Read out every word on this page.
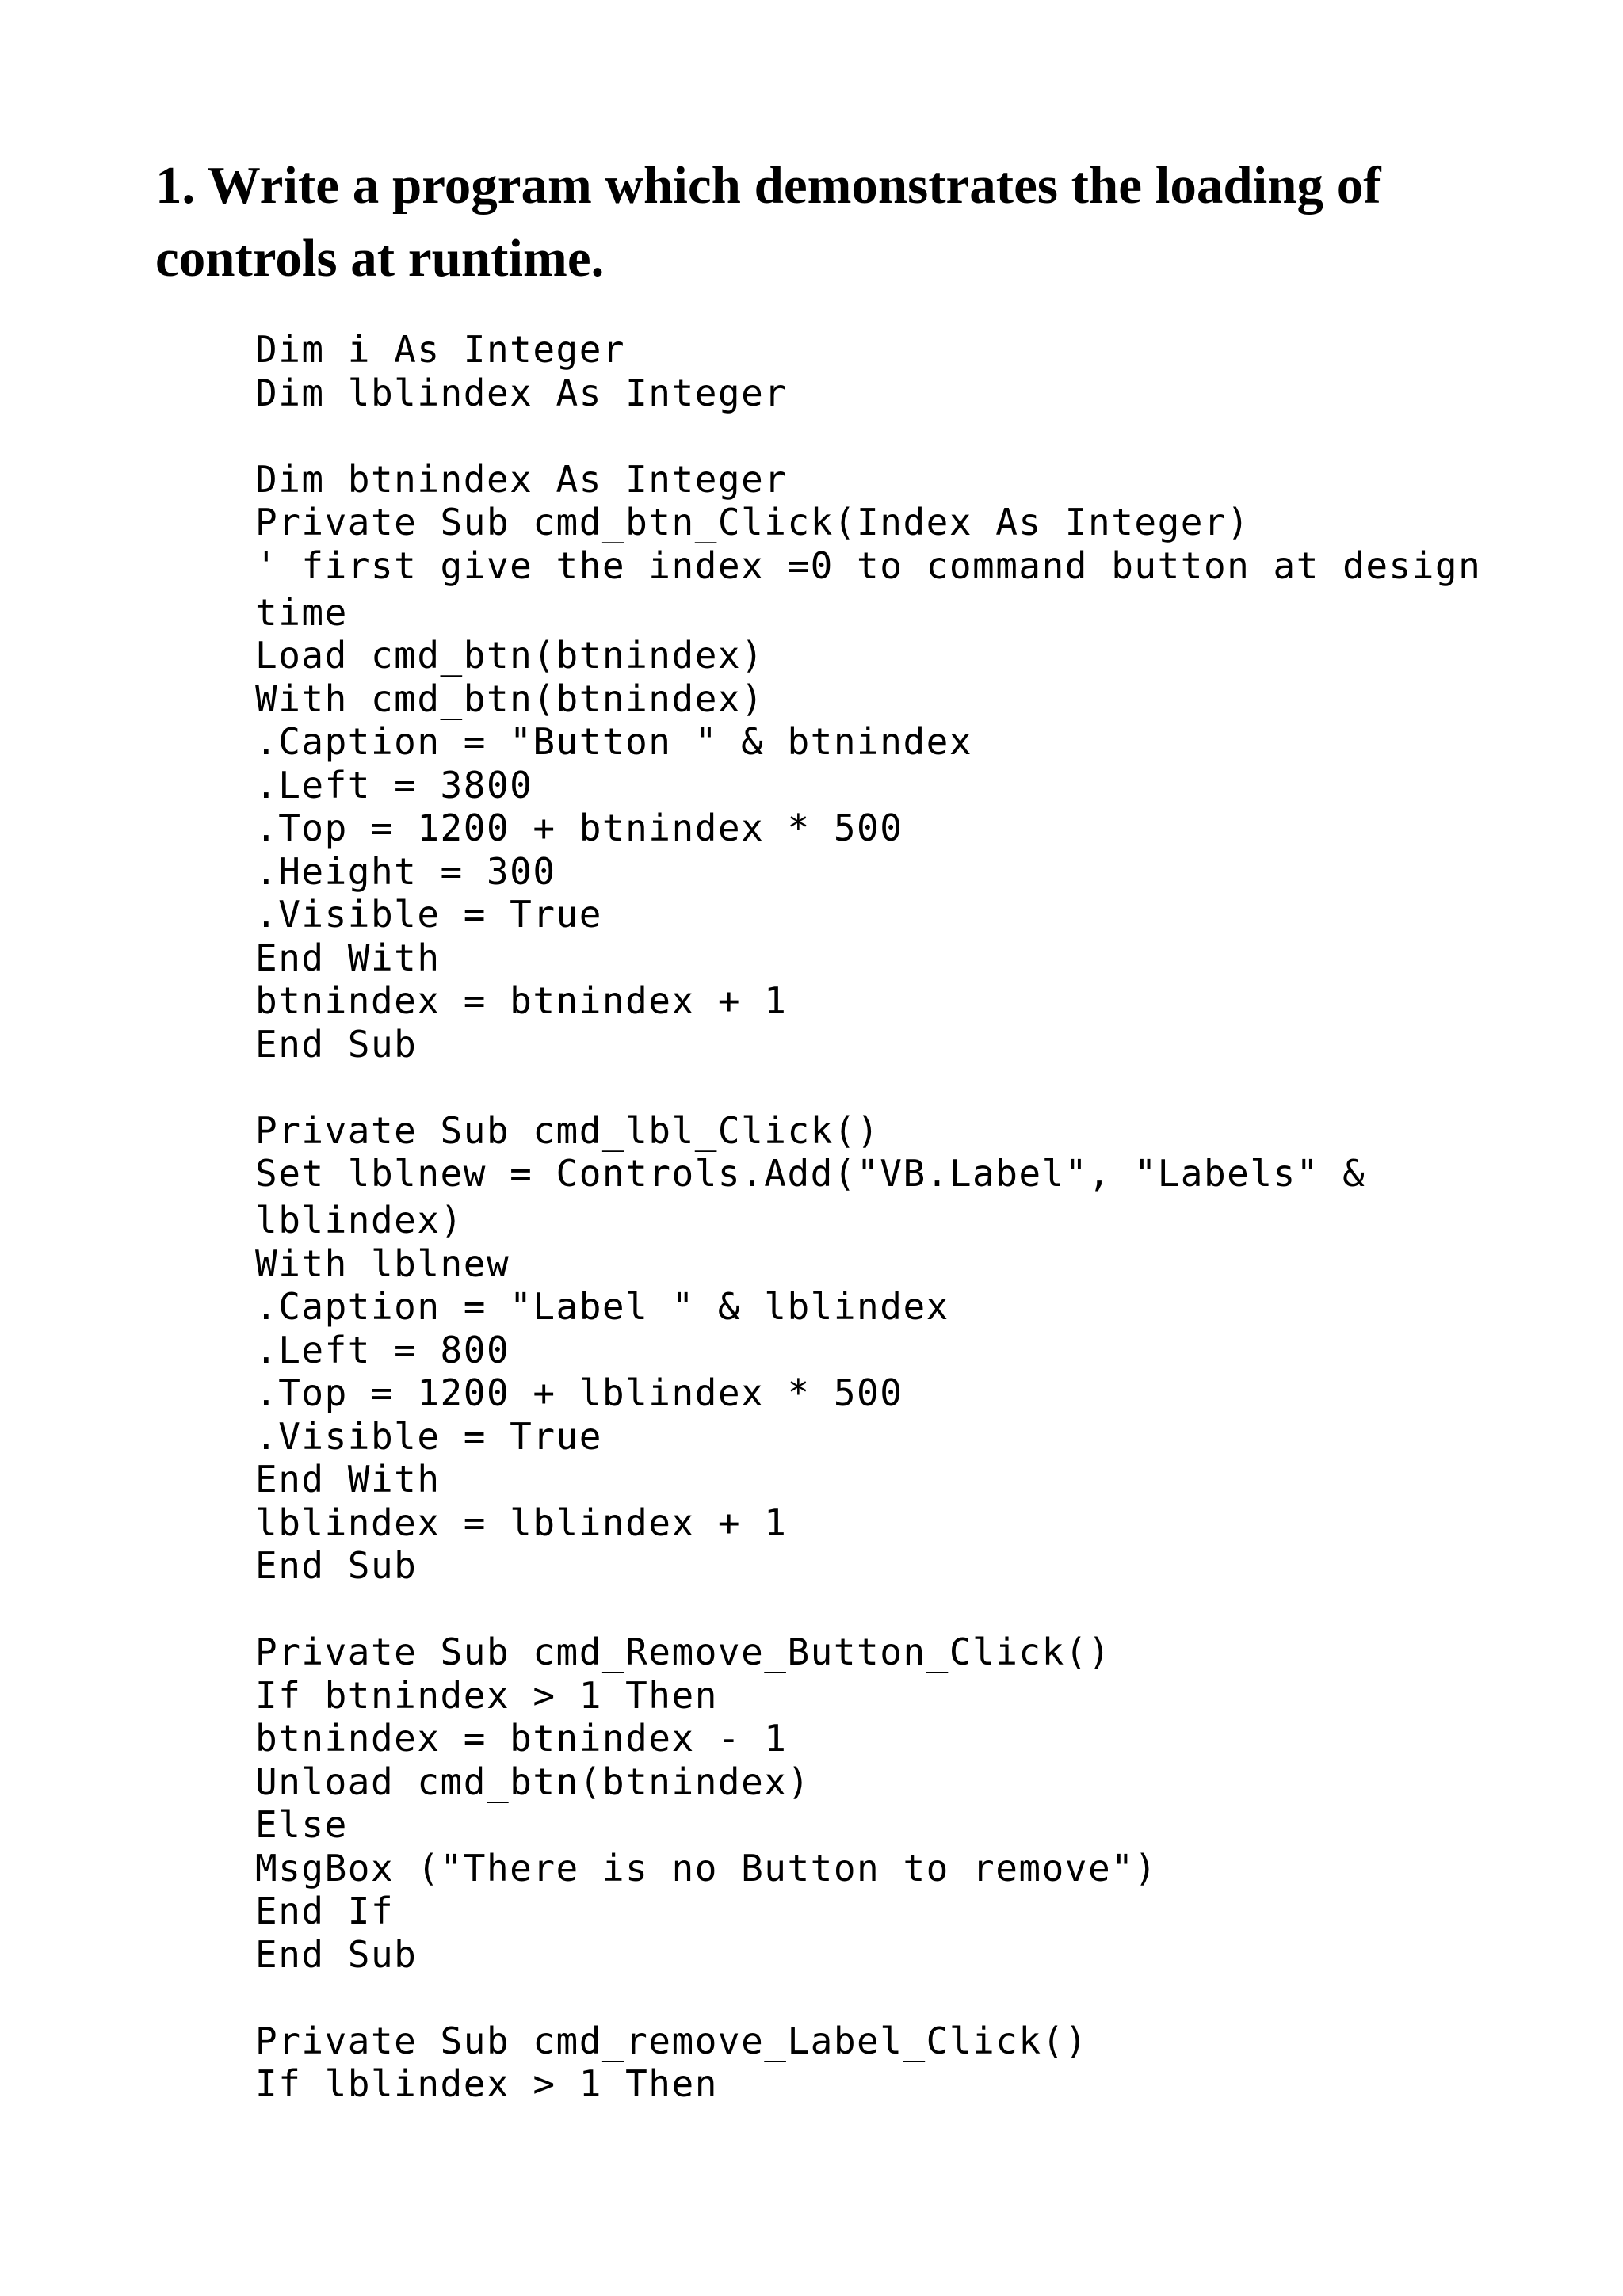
1. Write a program which demonstrates the loading of
controls at runtime.
Dim i As Integer
Dim lblindex As Integer
Dim btnindex As Integer
Private Sub cmd_btn_Click(Index As Integer)
' first give the index =0 to command button at design
time
Load cmd_btn(btnindex)
With cmd_btn(btnindex)
.Caption = "Button " & btnindex
.Left = 3800
.Top = 1200 + btnindex * 500
.Height = 300
.Visible = True
End With
btnindex = btnindex + 1
End Sub
Private Sub cmd_lbl_Click()
Set lblnew = Controls.Add("VB.Label", "Labels" &
lblindex)
With lblnew
.Caption = "Label " & lblindex
.Left = 800
.Top = 1200 + lblindex * 500
.Visible = True
End With
lblindex = lblindex + 1
End Sub
Private Sub cmd_Remove_Button_Click()
If btnindex > 1 Then
btnindex = btnindex - 1
Unload cmd_btn(btnindex)
Else
MsgBox ("There is no Button to remove")
End If
End Sub
Private Sub cmd_remove_Label_Click()
If lblindex > 1 Then
